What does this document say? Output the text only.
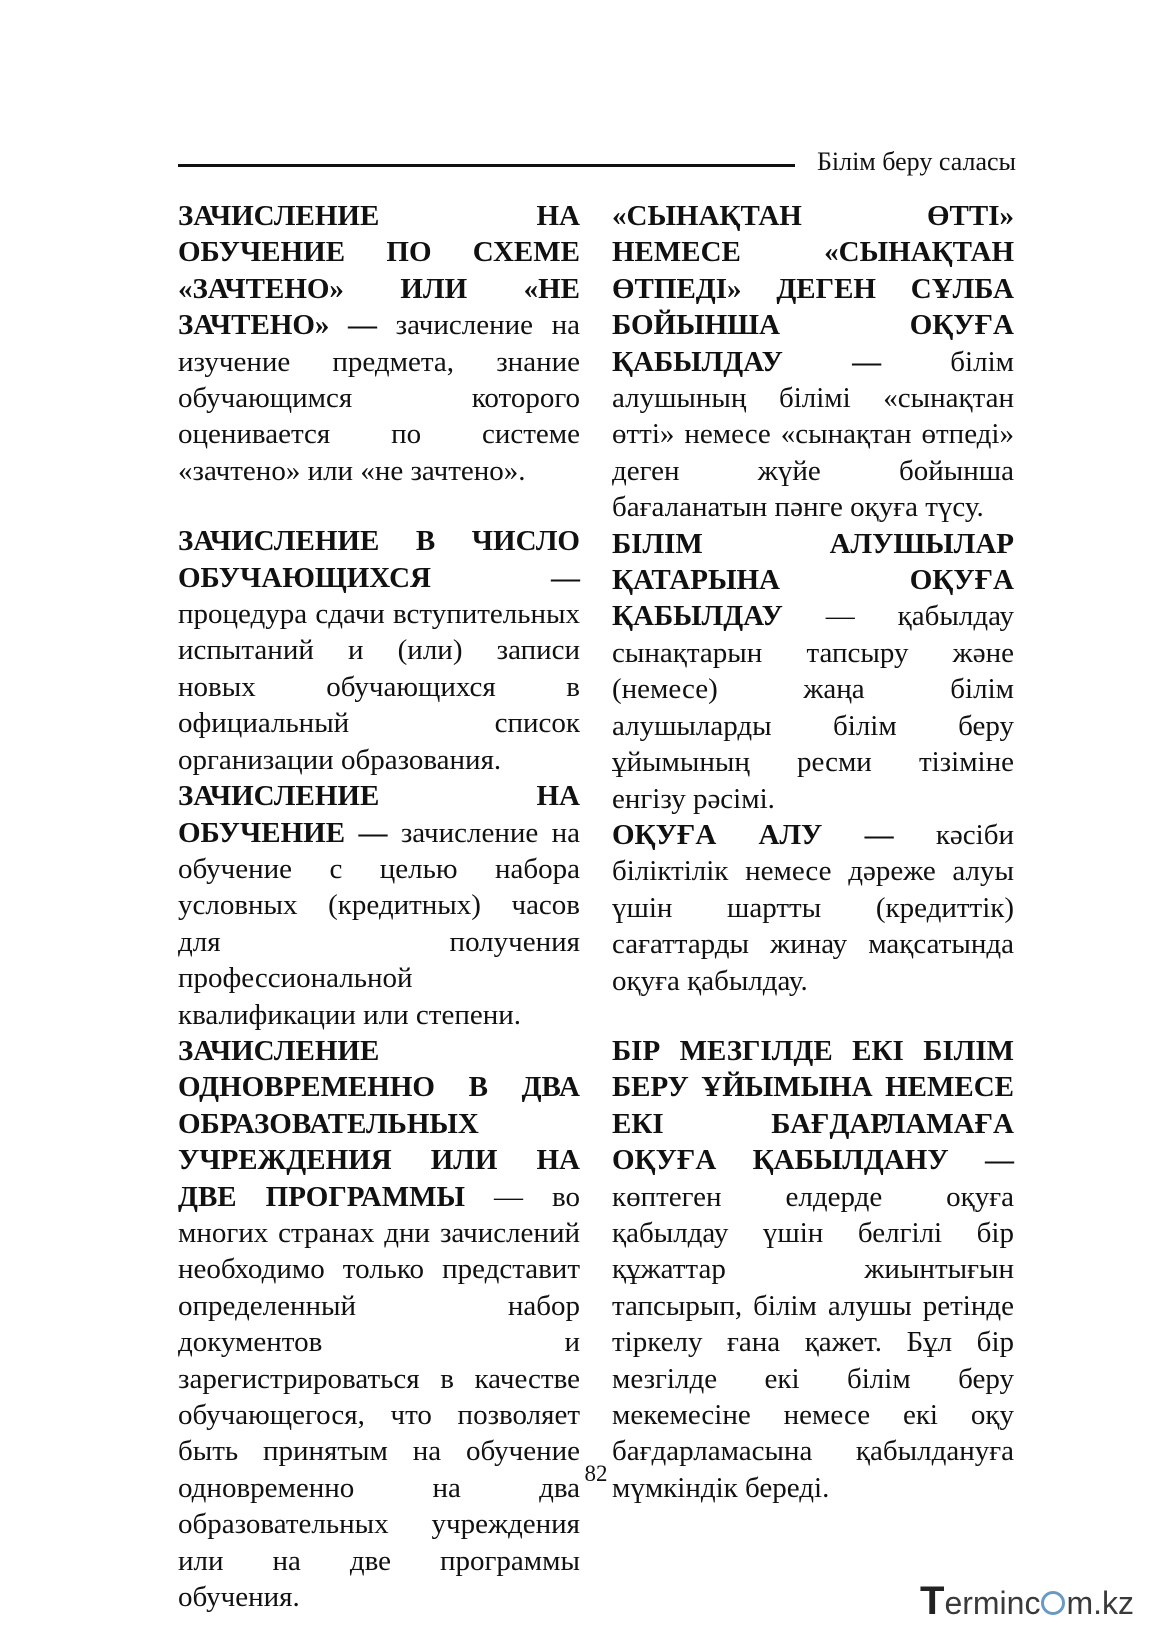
Білім беру саласы

ЗАЧИСЛЕНИЕ НА ОБУЧЕНИЕ ПО СХЕМЕ «ЗАЧТЕНО» ИЛИ «НЕ ЗАЧТЕНО» — зачисление на изучение предмета, знание обучающимся которого оценивается по системе «зачтено» или «не зачтено».

ЗАЧИСЛЕНИЕ В ЧИСЛО ОБУЧАЮЩИХСЯ — процедура сдачи вступительных испытаний и (или) записи новых обучающихся в официальный список организации образования.

ЗАЧИСЛЕНИЕ НА ОБУЧЕНИЕ — зачисление на обучение с целью набора условных (кредитных) часов для получения профессиональной квалификации или степени.

ЗАЧИСЛЕНИЕ ОДНОВРЕМЕННО В ДВА ОБРАЗОВАТЕЛЬНЫХ УЧРЕЖДЕНИЯ ИЛИ НА ДВЕ ПРОГРАММЫ — во многих странах дни зачислений необходимо только представит определенный набор документов и зарегистрироваться в качестве обучающегося, что позволяет быть принятым на обучение одновременно на два образовательных учреждения или на две программы обучения.

«СЫНАҚТАН ӨТТІ» НЕМЕСЕ «СЫНАҚТАН ӨТПЕДІ» ДЕГЕН СҰЛБА БОЙЫНША ОҚУҒА ҚАБЫЛДАУ — білім алушының білімі «сынақтан өтті» немесе «сынақтан өтпеді» деген жүйе бойынша бағаланатын пәнге оқуға түсу.

БІЛІМ АЛУШЫЛАР ҚАТАРЫНА ОҚУҒА ҚАБЫЛДАУ — қабылдау сынақтарын тапсыру және (немесе) жаңа білім алушыларды білім беру ұйымының ресми тізіміне енгізу рәсімі.

ОҚУҒА АЛУ — кәсіби біліктілік немесе дәреже алуы үшін шартты (кредиттік) сағаттарды жинау мақсатында оқуға қабылдау.

БІР МЕЗГІЛДЕ ЕКІ БІЛІМ БЕРУ ҰЙЫМЫНА НЕМЕСЕ ЕКІ БАҒДАРЛАМАҒА ОҚУҒА ҚАБЫЛДАНУ — көптеген елдерде оқуға қабылдау үшін белгілі бір құжаттар жиынтығын тапсырып, білім алушы ретінде тіркелу ғана қажет. Бұл бір мезгілде екі білім беру мекемесіне немесе екі оқу бағдарламасына қабылдануға мүмкіндік береді.

82
Terminc m.kz
